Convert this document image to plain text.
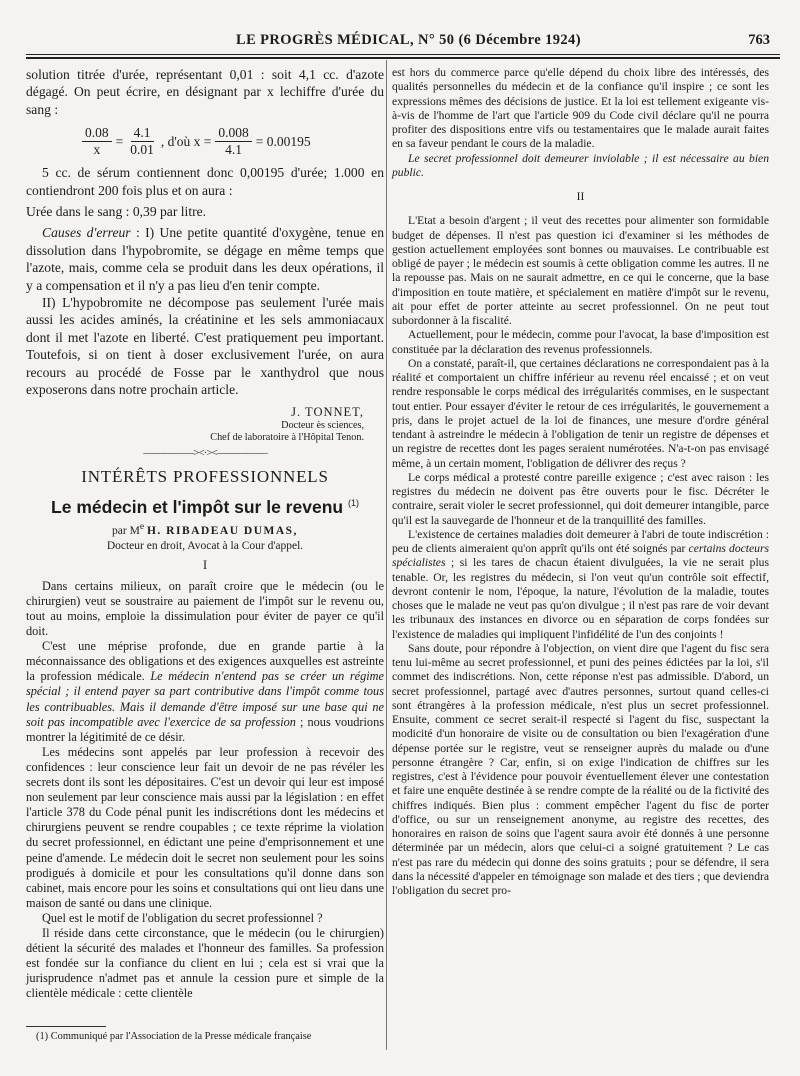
LE PROGRÈS MÉDICAL, N° 50 (6 Décembre 1924)	763

solution titrée d'urée, représentant 0,01 : soit 4,1 cc. d'azote dégagé. On peut écrire, en désignant par x lechiffre d'urée du sang :

$\frac{0.08}{x} = \frac{4.1}{0.01}$ , d'où $x = \frac{0.008}{4.1} = 0.00195$

5 cc. de sérum contiennent donc 0,00195 d'urée; 1.000 en contiendront 200 fois plus et on aura :

Urée dans le sang : 0,39 par litre.

Causes d'erreur : I) Une petite quantité d'oxygène, tenue en dissolution dans l'hypobromite, se dégage en même temps que l'azote, mais, comme cela se produit dans les deux opérations, il y a compensation et il n'y a pas lieu d'en tenir compte.

II) L'hypobromite ne décompose pas seulement l'urée mais aussi les acides aminés, la créatinine et les sels ammoniacaux dont il met l'azote en liberté. C'est pratiquement peu important. Toutefois, si on tient à doser exclusivement l'urée, on aura recours au procédé de Fosse par le xanthydrol que nous exposerons dans notre prochain article.

J. TONNET,
Docteur ès sciences,
Chef de laboratoire à l'Hôpital Tenon.
—————><·><—————
INTÉRÊTS PROFESSIONNELS
Le médecin et l'impôt sur le revenu $^{(1)}$
par Me H. RIBADEAU DUMAS,
Docteur en droit, Avocat à la Cour d'appel.
I

Dans certains milieux, on paraît croire que le médecin (ou le chirurgien) veut se soustraire au paiement de l'impôt sur le revenu ou, tout au moins, emploie la dissimulation pour éviter de payer ce qu'il doit.

C'est une méprise profonde, due en grande partie à la méconnaissance des obligations et des exigences auxquelles est astreinte la profession médicale. Le médecin n'entend pas se créer un régime spécial ; il entend payer sa part contributive dans l'impôt comme tous les contribuables. Mais il demande d'être imposé sur une base qui ne soit pas incompatible avec l'exercice de sa profession ; nous voudrions montrer la légitimité de ce désir.

Les médecins sont appelés par leur profession à recevoir des confidences : leur conscience leur fait un devoir de ne pas révéler les secrets dont ils sont les dépositaires. C'est un devoir qui leur est imposé non seulement par leur conscience mais aussi par la législation : en effet l'article 378 du Code pénal punit les indiscrétions dont les médecins et chirurgiens peuvent se rendre coupables ; ce texte réprime la violation du secret professionnel, en édictant une peine d'emprisonnement et une peine d'amende. Le médecin doit le secret non seulement pour les soins prodigués à domicile et pour les consultations qu'il donne dans son cabinet, mais encore pour les soins et consultations qui ont lieu dans une maison de santé ou dans une clinique.

Quel est le motif de l'obligation du secret professionnel ?

Il réside dans cette circonstance, que le médecin (ou le chirurgien) détient la sécurité des malades et l'honneur des familles. Sa profession est fondée sur la confiance du client en lui ; cela est si vrai que la jurisprudence n'admet pas et annule la cession pure et simple de la clientèle médicale : cette clientèle

est hors du commerce parce qu'elle dépend du choix libre des intéressés, des qualités personnelles du médecin et de la confiance qu'il inspire ; ce sont les expressions mêmes des décisions de justice. Et la loi est tellement exigeante vis-à-vis de l'homme de l'art que l'article 909 du Code civil déclare qu'il ne pourra profiter des dispositions entre vifs ou testamentaires que le malade aurait faites en sa faveur pendant le cours de la maladie.

Le secret professionnel doit demeurer inviolable ; il est nécessaire au bien public.

II

L'Etat a besoin d'argent ; il veut des recettes pour alimenter son formidable budget de dépenses. Il n'est pas question ici d'examiner si les méthodes de gestion actuellement employées sont bonnes ou mauvaises. Le contribuable est obligé de payer ; le médecin est soumis à cette obligation comme les autres. Il ne la repousse pas. Mais on ne saurait admettre, en ce qui le concerne, que la base d'imposition en toute matière, et spécialement en matière d'impôt sur le revenu, ait pour effet de porter atteinte au secret professionnel. On ne peut tout subordonner à la fiscalité.

Actuellement, pour le médecin, comme pour l'avocat, la base d'imposition est constituée par la déclaration des revenus professionnels.

On a constaté, paraît-il, que certaines déclarations ne correspondaient pas à la réalité et comportaient un chiffre inférieur au revenu réel encaissé ; et on veut rendre responsable le corps médical des irrégularités commises, en le suspectant tout entier. Pour essayer d'éviter le retour de ces irrégularités, le gouvernement a pris, dans le projet actuel de la loi de finances, une mesure d'ordre général tendant à astreindre le médecin à l'obligation de tenir un registre de dépenses et un registre de recettes dont les pages seraient numérotées. N'a-t-on pas envisagé même, à un certain moment, l'obligation de délivrer des reçus ?

Le corps médical a protesté contre pareille exigence ; c'est avec raison : les registres du médecin ne doivent pas être ouverts pour le fisc. Décréter le contraire, serait violer le secret professionnel, qui doit demeurer intangible, parce qu'il est la sauvegarde de l'honneur et de la tranquillité des familles.

L'existence de certaines maladies doit demeurer à l'abri de toute indiscrétion : peu de clients aimeraient qu'on apprît qu'ils ont été soignés par certains docteurs spécialistes ; si les tares de chacun étaient divulguées, la vie ne serait plus tenable. Or, les registres du médecin, si l'on veut qu'un contrôle soit effectif, devront contenir le nom, l'époque, la nature, l'évolution de la maladie, toutes choses que le malade ne veut pas qu'on divulgue ; il n'est pas rare de voir devant les tribunaux des instances en divorce ou en séparation de corps fondées sur l'existence de maladies qui impliquent l'infidélité de l'un des conjoints !

Sans doute, pour répondre à l'objection, on vient dire que l'agent du fisc sera tenu lui-même au secret professionnel, et puni des peines édictées par la loi, s'il commet des indiscrétions. Non, cette réponse n'est pas admissible. D'abord, un secret professionnel, partagé avec d'autres personnes, surtout quand celles-ci sont étrangères à la profession médicale, n'est plus un secret professionnel. Ensuite, comment ce secret serait-il respecté si l'agent du fisc, suspectant la modicité d'un honoraire de visite ou de consultation ou bien l'exagération d'une dépense portée sur le registre, veut se renseigner auprès du malade ou d'une personne étrangère ? Car, enfin, si on exige l'indication de chiffres sur les registres, c'est à l'évidence pour pouvoir éventuellement élever une contestation et faire une enquête destinée à se rendre compte de la réalité ou de la fictivité des chiffres indiqués. Bien plus : comment empêcher l'agent du fisc de porter d'office, ou sur un renseignement anonyme, au registre des recettes, des honoraires en raison de soins que l'agent saura avoir été donnés à une personne déterminée par un médecin, alors que celui-ci a soigné gratuitement ? Le cas n'est pas rare du médecin qui donne des soins gratuits ; pour se défendre, il sera dans la nécessité d'appeler en témoignage son malade et des tiers ; que deviendra l'obligation du secret pro-

(1) Communiqué par l'Association de la Presse médicale française
